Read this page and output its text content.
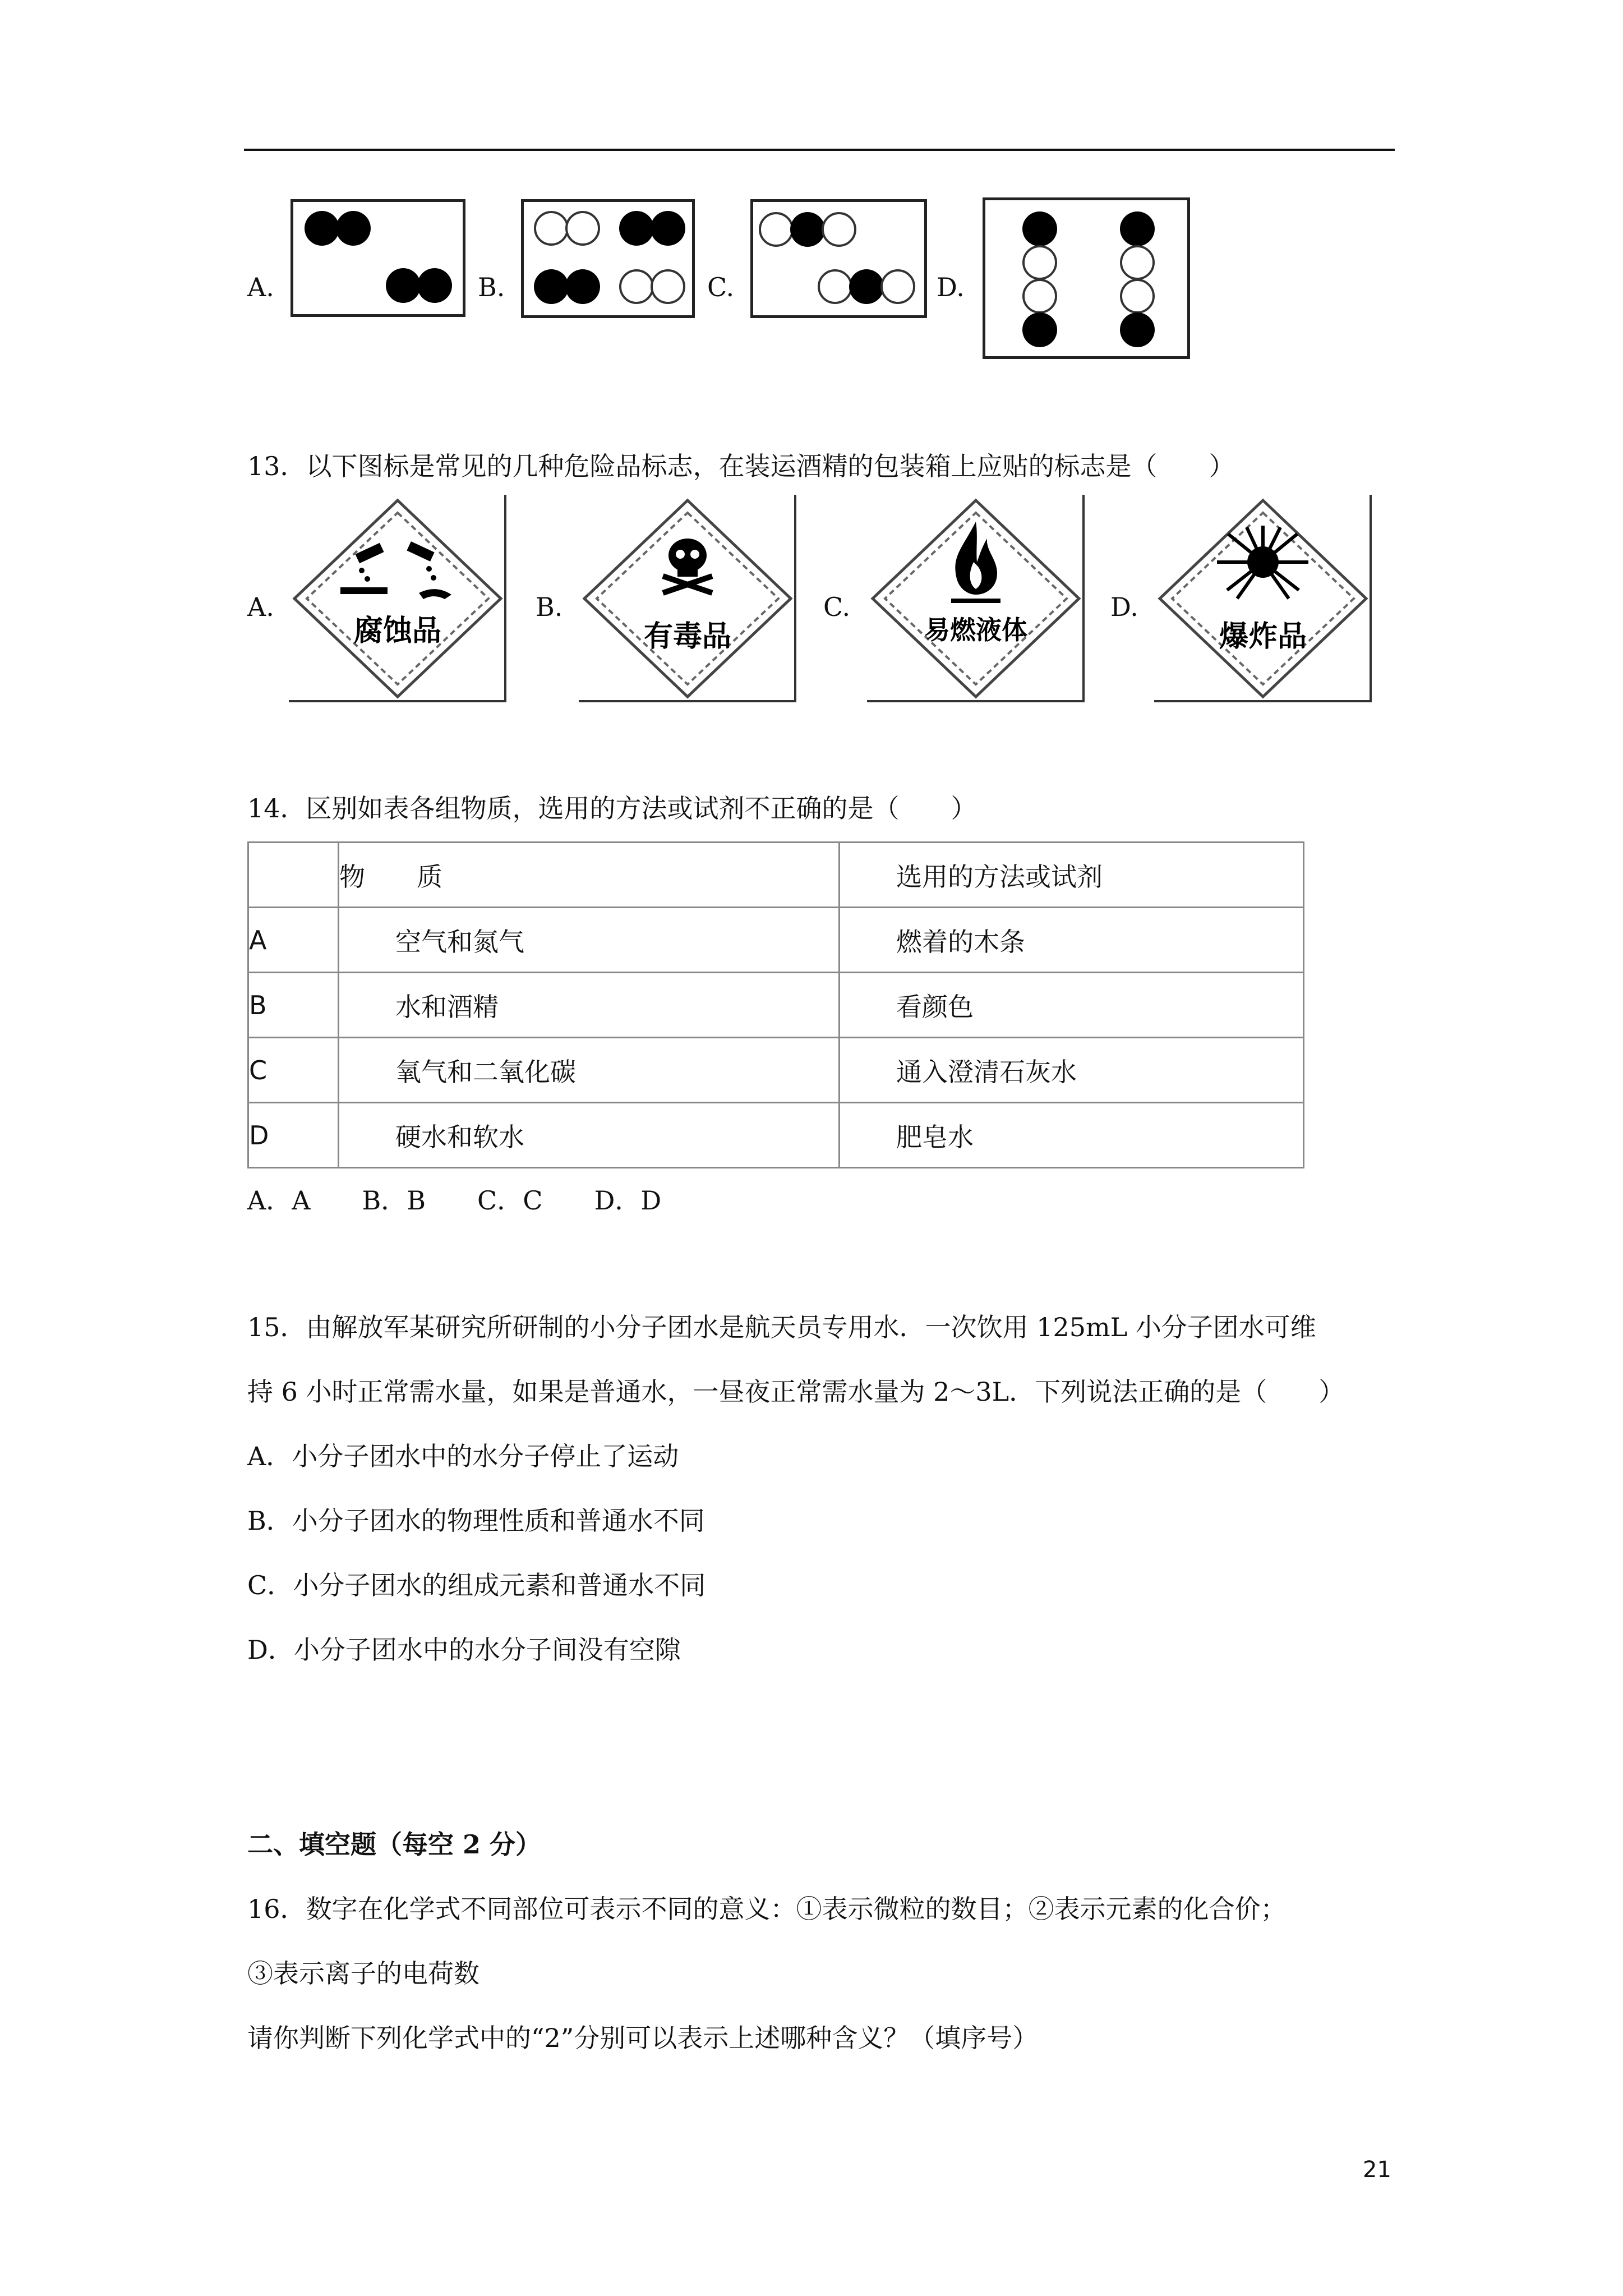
A.	B.	C.	D.
13．以下图标是常见的几种危险品标志，在装运酒精的包装箱上应贴的标志是（　　）
A.
腐蚀品
B.
有毒品
C.
易燃液体
D.
爆炸品
14．区别如表各组物质，选用的方法或试剂不正确的是（　　）
	物　　质	选用的方法或试剂
A	空气和氮气	燃着的木条
B	水和酒精	看颜色
C	氧气和二氧化碳	通入澄清石灰水
D	硬水和软水	肥皂水
A．A　　B．B　　C．C　　D．D
15．由解放军某研究所研制的小分子团水是航天员专用水．一次饮用 125mL 小分子团水可维
持 6 小时正常需水量，如果是普通水，一昼夜正常需水量为 2～3L．下列说法正确的是（　　）
A．小分子团水中的水分子停止了运动
B．小分子团水的物理性质和普通水不同
C．小分子团水的组成元素和普通水不同
D．小分子团水中的水分子间没有空隙
二、填空题（每空 2 分）
16．数字在化学式不同部位可表示不同的意义：①表示微粒的数目；②表示元素的化合价；
③表示离子的电荷数
请你判断下列化学式中的“2”分别可以表示上述哪种含义？（填序号）
21
